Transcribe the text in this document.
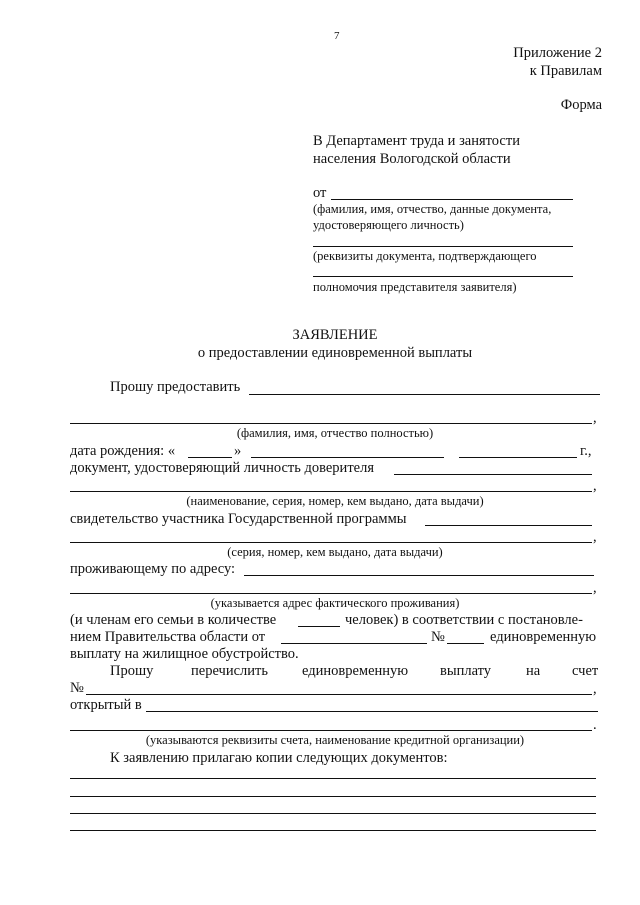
7
Приложение 2
к Правилам
Форма
В Департамент труда и занятости
населения Вологодской области
от
(фамилия, имя, отчество, данные документа,
удостоверяющего личность)
(реквизиты документа, подтверждающего
полномочия представителя заявителя)
ЗАЯВЛЕНИЕ
о предоставлении единовременной выплаты
Прошу предоставить
,
(фамилия, имя, отчество полностью)
дата рождения: «	»	г.,
документ, удостоверяющий личность доверителя
,
(наименование, серия, номер, кем выдано, дата выдачи)
свидетельство участника Государственной программы
,
(серия, номер, кем выдано, дата выдачи)
проживающему по адресу:
,
(указывается адрес фактического проживания)
(и членам его семьи в количестве	человек) в соответствии с постановле-
нием Правительства области от	№	единовременную
выплату на жилищное обустройство.
Прошу	перечислить единовременную выплату на счет
№	,
открытый в
.
(указываются реквизиты счета, наименование кредитной организации)
К заявлению прилагаю копии следующих документов:
